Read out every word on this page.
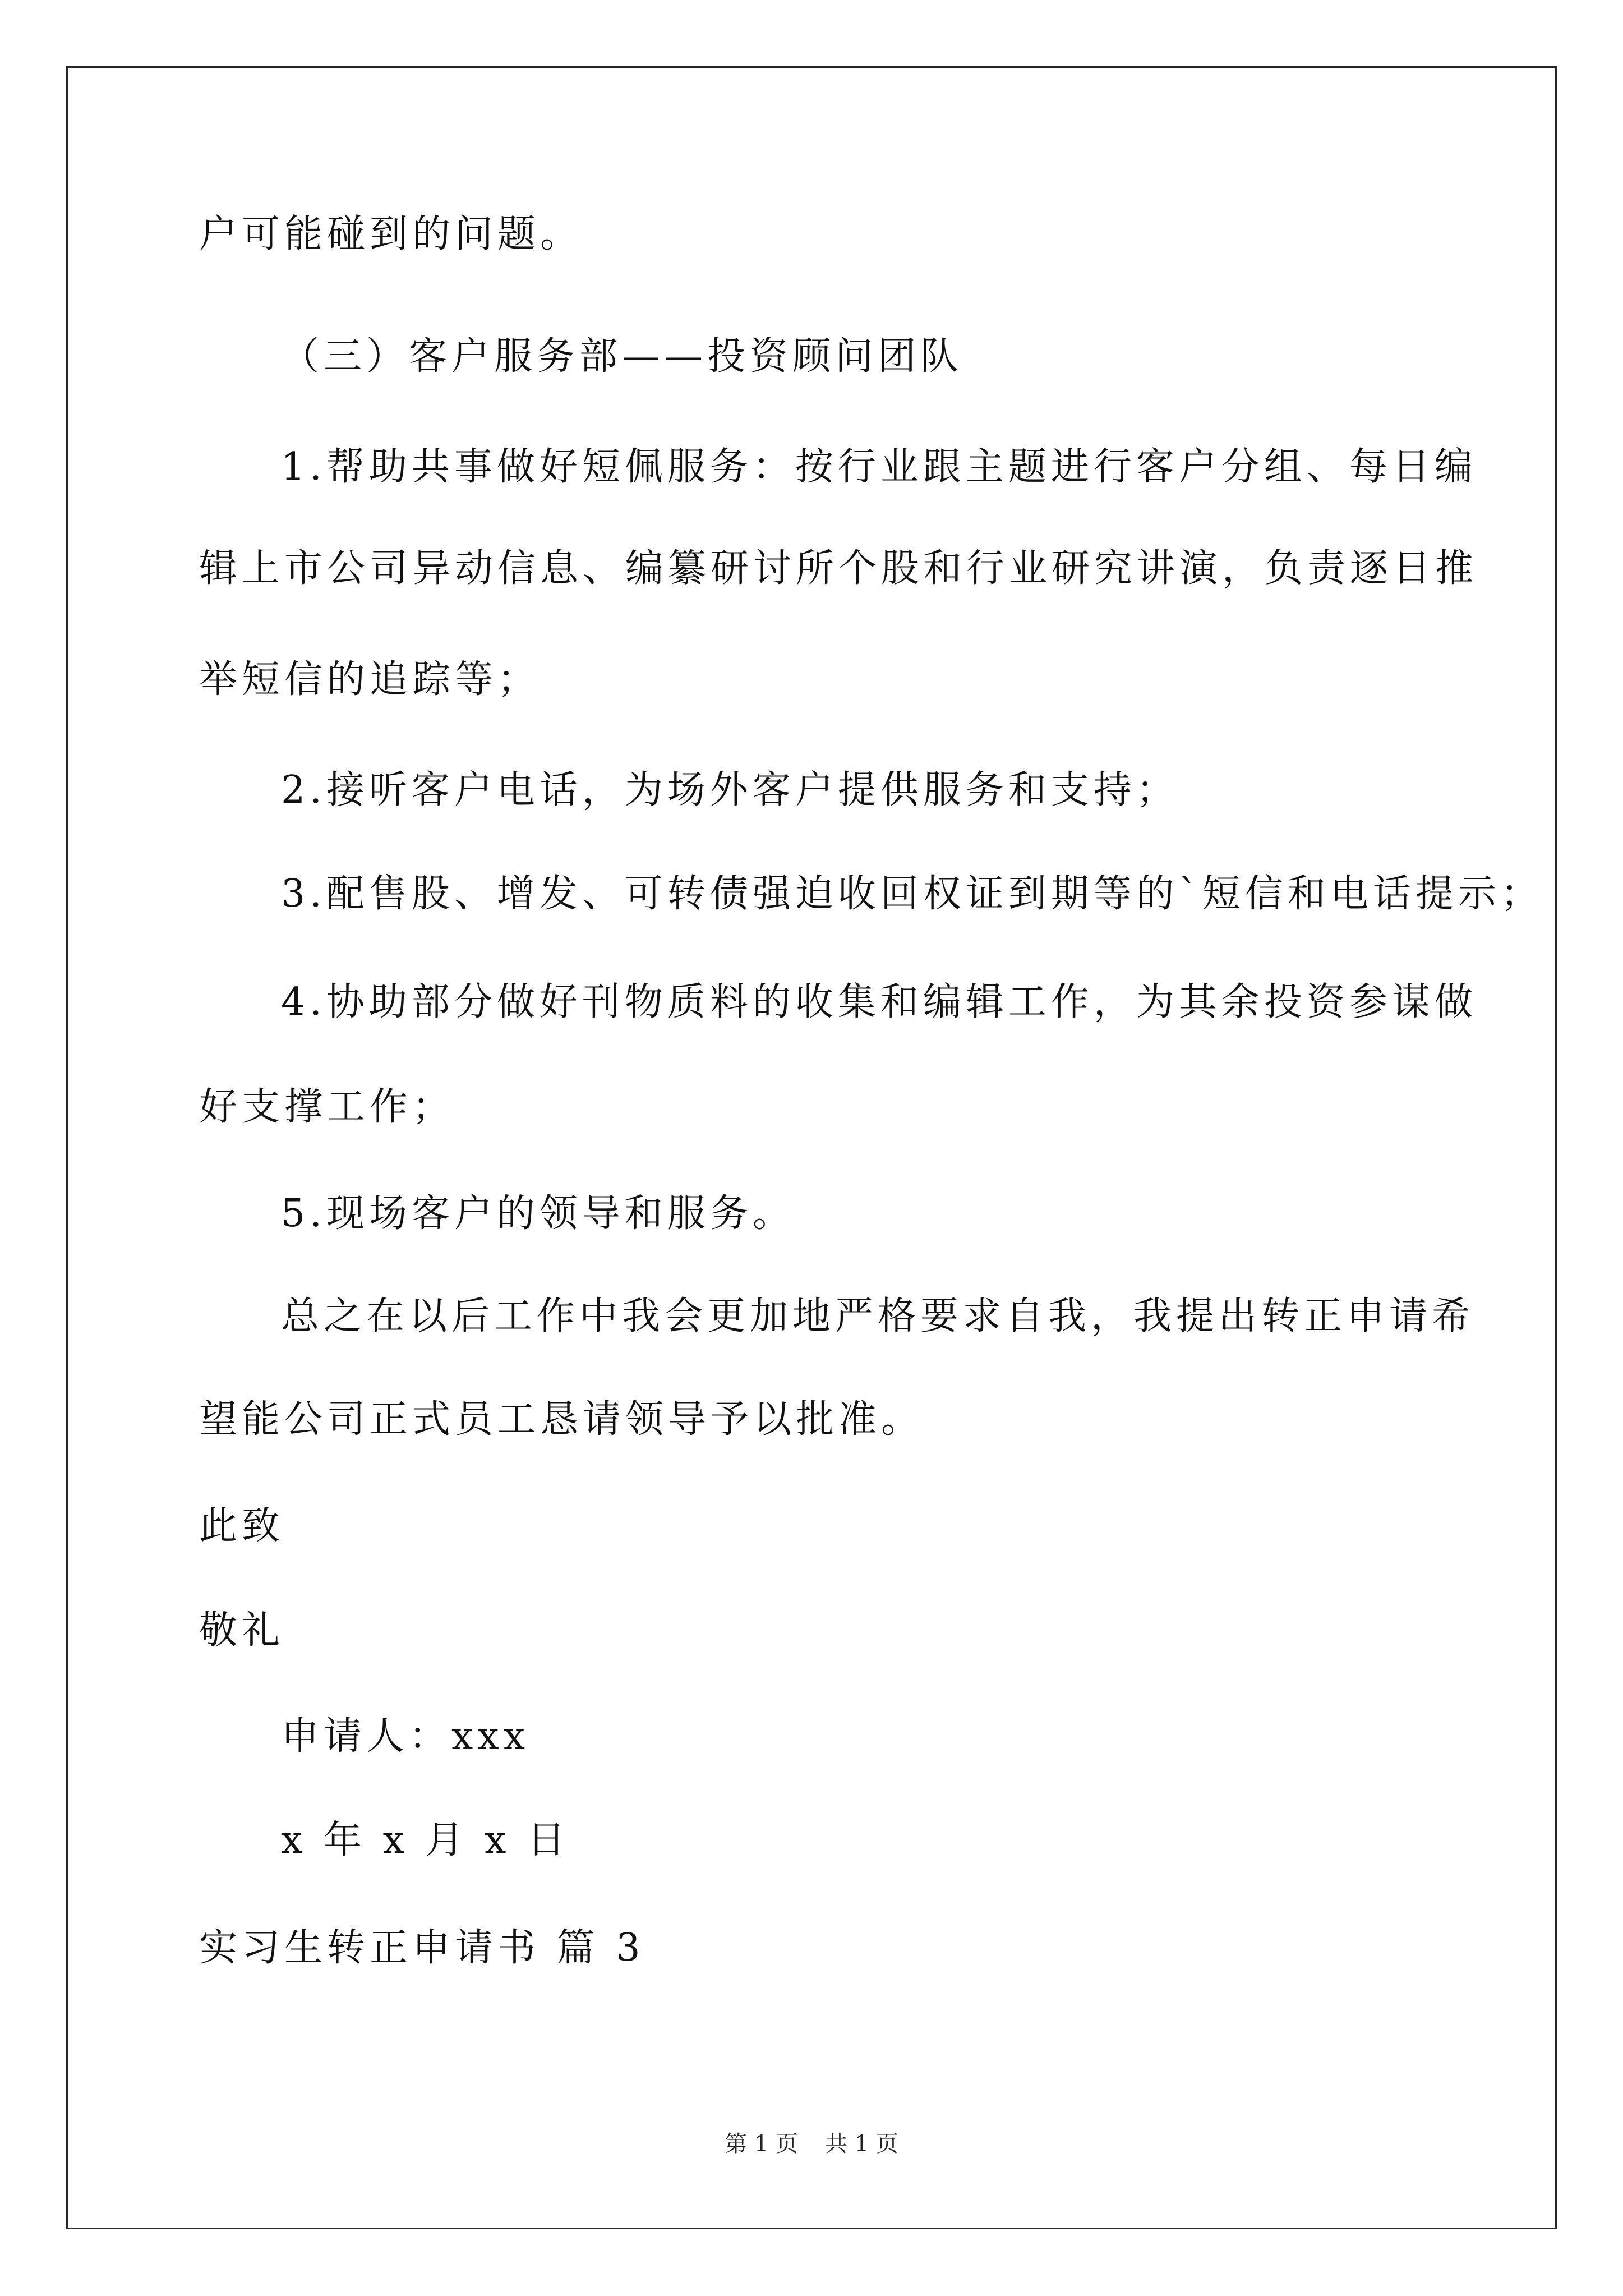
户可能碰到的问题。
（三）客户服务部——投资顾问团队
1.帮助共事做好短佩服务：按行业跟主题进行客户分组、每日编
辑上市公司异动信息、编纂研讨所个股和行业研究讲演，负责逐日推
举短信的追踪等；
2.接听客户电话，为场外客户提供服务和支持；
3.配售股、增发、可转债强迫收回权证到期等的`短信和电话提示；
4.协助部分做好刊物质料的收集和编辑工作，为其余投资参谋做
好支撑工作；
5.现场客户的领导和服务。
总之在以后工作中我会更加地严格要求自我，我提出转正申请希
望能公司正式员工恳请领导予以批准。
此致
敬礼
申请人：xxx
x 年 x 月 x 日
实习生转正申请书 篇 3
第 1 页 共 1 页
